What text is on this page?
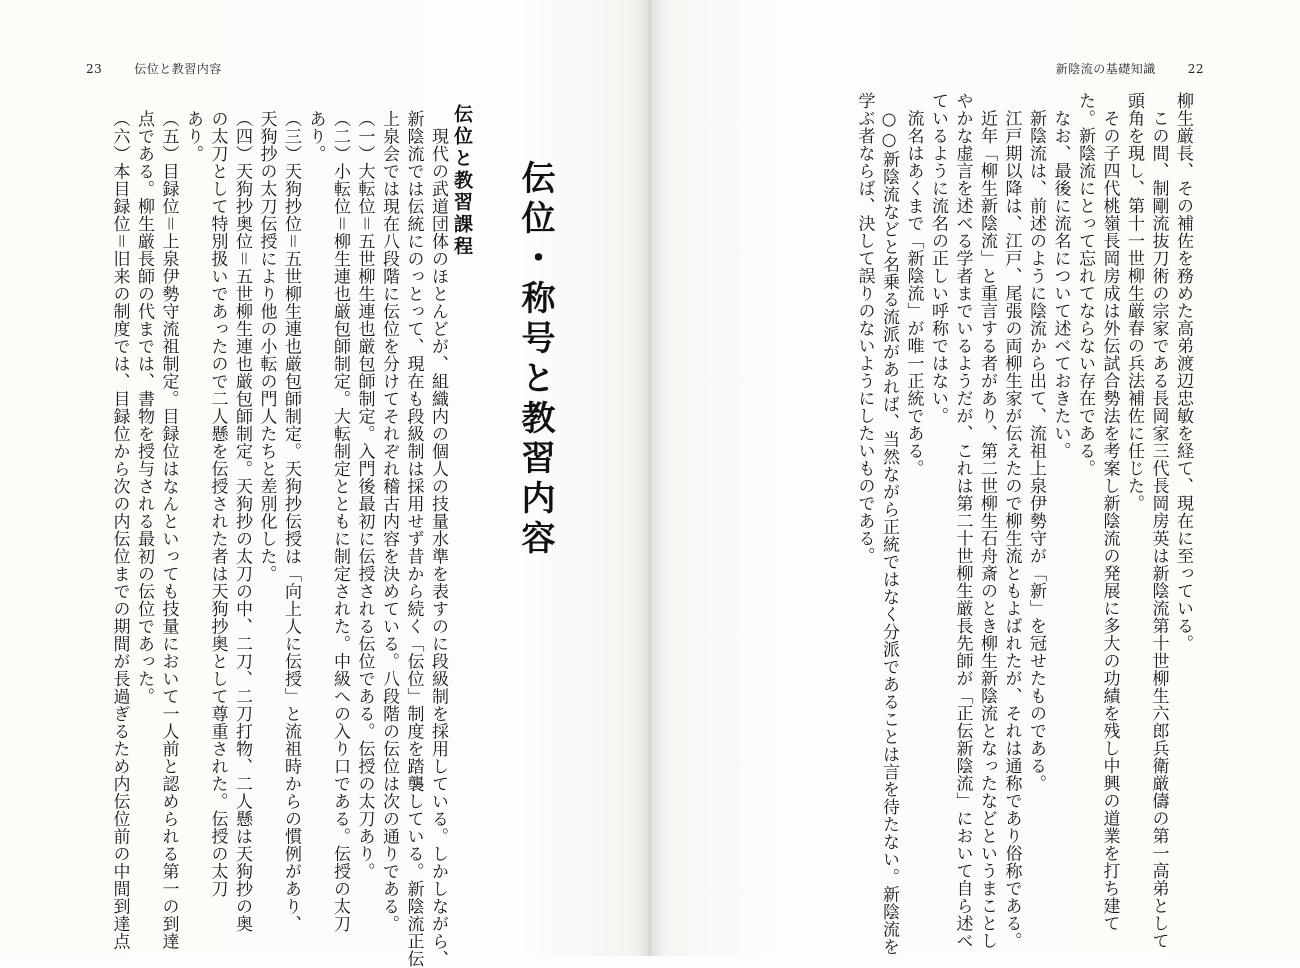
23	伝位と教習内容
伝位・称号と教習内容
伝位と教習課程
　現代の武道団体のほとんどが、組織内の個人の技量水準を表すのに段級制を採用している。しかしながら、
新陰流では伝統にのっとって、現在も段級制は採用せず昔から続く「伝位」制度を踏襲している。新陰流正伝
上泉会では現在八段階に伝位を分けてそれぞれ稽古内容を決めている。八段階の伝位は次の通りである。
（一）大転位＝五世柳生連也厳包師制定。入門後最初に伝授される伝位である。伝授の太刀あり。
（二）小転位＝柳生連也厳包師制定。大転制定とともに制定された。中級への入り口である。伝授の太刀
あり。
（三）天狗抄位＝五世柳生連也厳包師制定。天狗抄伝授は「向上人に伝授」と流祖時からの慣例があり、
天狗抄の太刀伝授により他の小転の門人たちと差別化した。
（四）天狗抄奥位＝五世柳生連也厳包師制定。天狗抄の太刀の中、二刀、二刀打物、二人懸は天狗抄の奥
の太刀として特別扱いであったので二人懸を伝授された者は天狗抄奥として尊重された。伝授の太刀
あり。
（五）目録位＝上泉伊勢守流祖制定。目録位はなんといっても技量において一人前と認められる第一の到達
点である。柳生厳長師の代までは、書物を授与される最初の伝位であった。
（六）本目録位＝旧来の制度では、目録位から次の内伝位までの期間が長過ぎるため内伝位前の中間到達点
新陰流の基礎知識	22
柳生厳長、その補佐を務めた高弟渡辺忠敏を経て、現在に至っている。
　この間、制剛流抜刀術の宗家である長岡家三代長岡房英は新陰流第十世柳生六郎兵衛厳儔の第一高弟として
頭角を現し、第十一世柳生厳春の兵法補佐に任じた。
　その子四代桃嶺長岡房成は外伝試合勢法を考案し新陰流の発展に多大の功績を残し中興の道業を打ち建て
た。新陰流にとって忘れてならない存在である。
　なお、最後に流名について述べておきたい。
　新陰流は、前述のように陰流から出て、流祖上泉伊勢守が「新」を冠せたものである。
　江戸期以降は、江戸、尾張の両柳生家が伝えたので柳生流ともよばれたが、それは通称であり俗称である。
　近年「柳生新陰流」と重言する者があり、第二世柳生石舟斎のとき柳生新陰流となったなどというまことし
やかな虚言を述べる学者までいるようだが、これは第二十世柳生厳長先師が「正伝新陰流」において自ら述べ
ているように流名の正しい呼称ではない。
　流名はあくまで「新陰流」が唯一正統である。
　○○新陰流などと名乗る流派があれば、当然ながら正統ではなく分派であることは言を待たない。新陰流を
学ぶ者ならば、決して誤りのないようにしたいものである。
